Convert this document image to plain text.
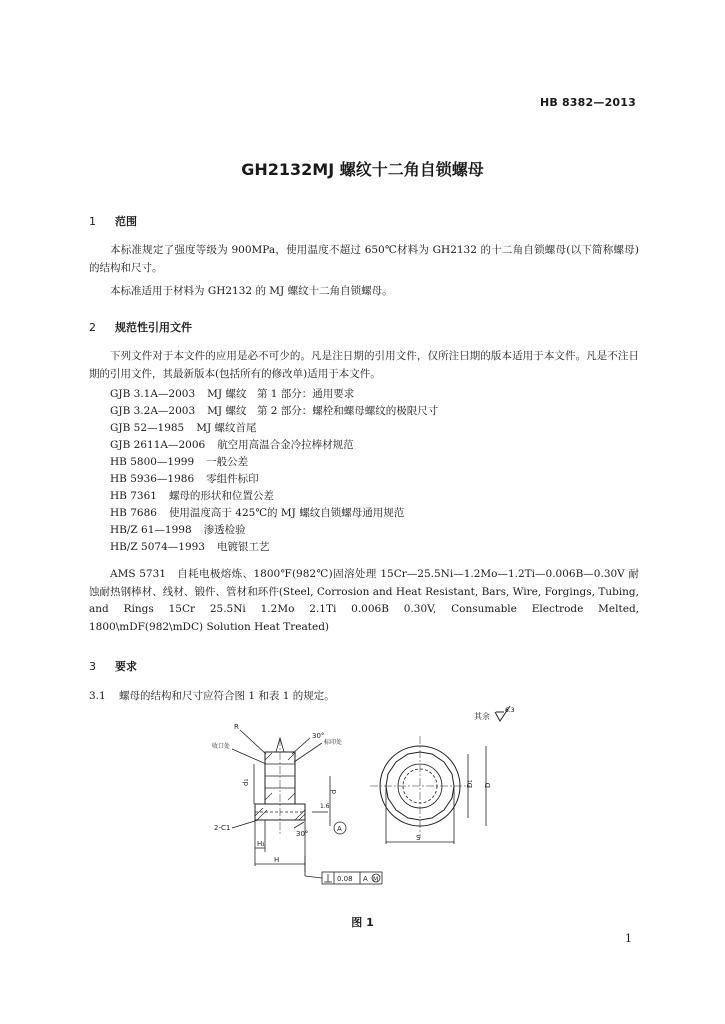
HB 8382—2013
GH2132MJ 螺纹十二角自锁螺母
1 范围
本标准规定了强度等级为 900MPa，使用温度不超过 650℃材料为 GH2132 的十二角自锁螺母(以下简称螺母)的结构和尺寸。
本标准适用于材料为 GH2132 的 MJ 螺纹十二角自锁螺母。
2 规范性引用文件
下列文件对于本文件的应用是必不可少的。凡是注日期的引用文件，仅所注日期的版本适用于本文件。凡是不注日期的引用文件，其最新版本(包括所有的修改单)适用于本文件。
GJB 3.1A—2003 MJ 螺纹　第 1 部分：通用要求
GJB 3.2A—2003 MJ 螺纹　第 2 部分：螺栓和螺母螺纹的极限尺寸
GJB 52—1985 MJ 螺纹首尾
GJB 2611A—2006 航空用高温合金冷拉棒材规范
HB 5800—1999 一般公差
HB 5936—1986 零组件标印
HB 7361 螺母的形状和位置公差
HB 7686 使用温度高于 425℃的 MJ 螺纹自锁螺母通用规范
HB/Z 61—1998 渗透检验
HB/Z 5074—1993 电镀银工艺
AMS 5731　自耗电极熔炼、1800℉(982℃)固溶处理 15Cr—25.5Ni—1.2Mo—1.2Ti—0.006B—0.30V 耐蚀耐热钢棒材、线材、锻件、管材和环件(Steel, Corrosion and Heat Resistant, Bars, Wire, Forgings, Tubing, and Rings 15Cr 25.5Ni 1.2Mo 2.1Ti 0.006B 0.30V, Consumable Electrode Melted, 1800\mDF(982\mDC) Solution Heat Treated)
3 要求
3.1 螺母的结构和尺寸应符合图 1 和表 1 的规定。
其余
6.3
R
收口处
30°
标印处
d₁
d
1.6
2-C1
30°
A
H₁
H
0.08 A M
D₁ D
S
图 1
1
